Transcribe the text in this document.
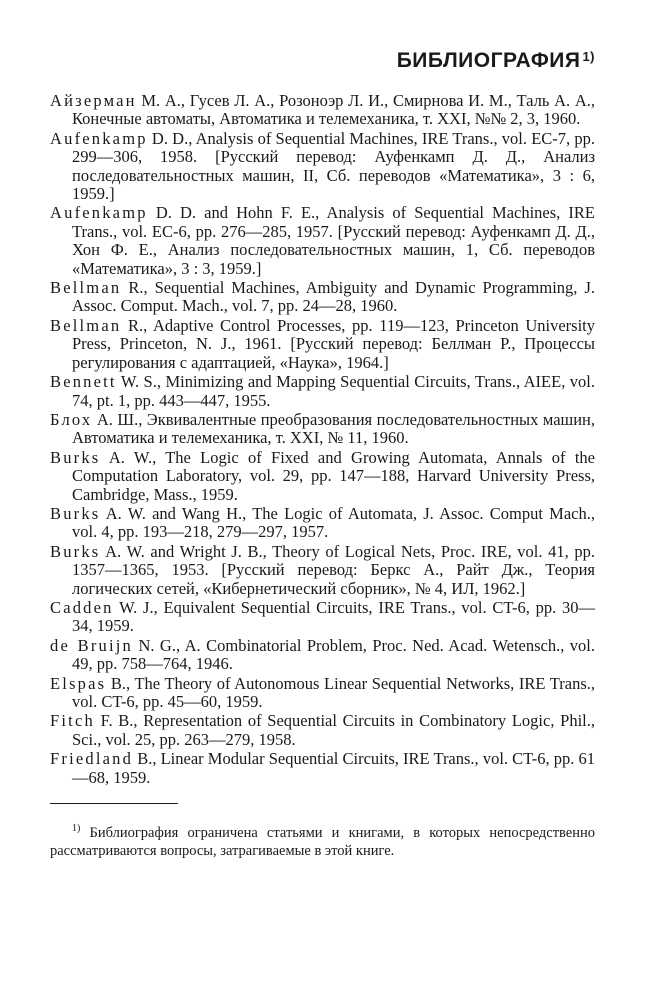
БИБЛИОГРАФИЯ $^{1)}$

Айзерман М. А., Гусев Л. А., Розоноэр Л. И., Смирнова И. М., Таль А. А., Конечные автоматы, Автоматика и телемеханика, т. XXI, №№ 2, 3, 1960.

Aufenkamp D. D., Analysis of Sequential Machines, IRE Trans., vol. EC-7, pp. 299—306, 1958. [Русский перевод: Ауфенкамп Д. Д., Анализ последовательностных машин, II, Сб. переводов «Математика», 3 : 6, 1959.]

Aufenkamp D. D. and Hohn F. E., Analysis of Sequential Machines, IRE Trans., vol. EC-6, pp. 276—285, 1957. [Русский перевод: Ауфенкамп Д. Д., Хон Ф. Е., Анализ последовательностных машин, 1, Сб. переводов «Математика», 3 : 3, 1959.]

Bellman R., Sequential Machines, Ambiguity and Dynamic Programming, J. Assoc. Comput. Mach., vol. 7, pp. 24—28, 1960.

Bellman R., Adaptive Control Processes, pp. 119—123, Princeton University Press, Princeton, N. J., 1961. [Русский перевод: Беллман Р., Процессы регулирования с адаптацией, «Наука», 1964.]

Bennett W. S., Minimizing and Mapping Sequential Circuits, Trans., AIEE, vol. 74, pt. 1, pp. 443—447, 1955.

Блох А. Ш., Эквивалентные преобразования последовательностных машин, Автоматика и телемеханика, т. XXI, № 11, 1960.

Burks A. W., The Logic of Fixed and Growing Automata, Annals of the Computation Laboratory, vol. 29, pp. 147—188, Harvard University Press, Cambridge, Mass., 1959.

Burks A. W. and Wang H., The Logic of Automata, J. Assoc. Comput Mach., vol. 4, pp. 193—218, 279—297, 1957.

Burks A. W. and Wright J. B., Theory of Logical Nets, Proc. IRE, vol. 41, pp. 1357—1365, 1953. [Русский перевод: Беркс А., Райт Дж., Теория логических сетей, «Кибернетический сборник», № 4, ИЛ, 1962.]

Cadden W. J., Equivalent Sequential Circuits, IRE Trans., vol. CT-6, pp. 30—34, 1959.

de Bruijn N. G., A. Combinatorial Problem, Proc. Ned. Acad. Wetensch., vol. 49, pp. 758—764, 1946.

Elspas B., The Theory of Autonomous Linear Sequential Networks, IRE Trans., vol. CT-6, pp. 45—60, 1959.

Fitch F. B., Representation of Sequential Circuits in Combinatory Logic, Phil., Sci., vol. 25, pp. 263—279, 1958.

Friedland B., Linear Modular Sequential Circuits, IRE Trans., vol. CT-6, pp. 61—68, 1959.

$^{1)}$ Библиография ограничена статьями и книгами, в которых непосредственно рассматриваются вопросы, затрагиваемые в этой книге.
